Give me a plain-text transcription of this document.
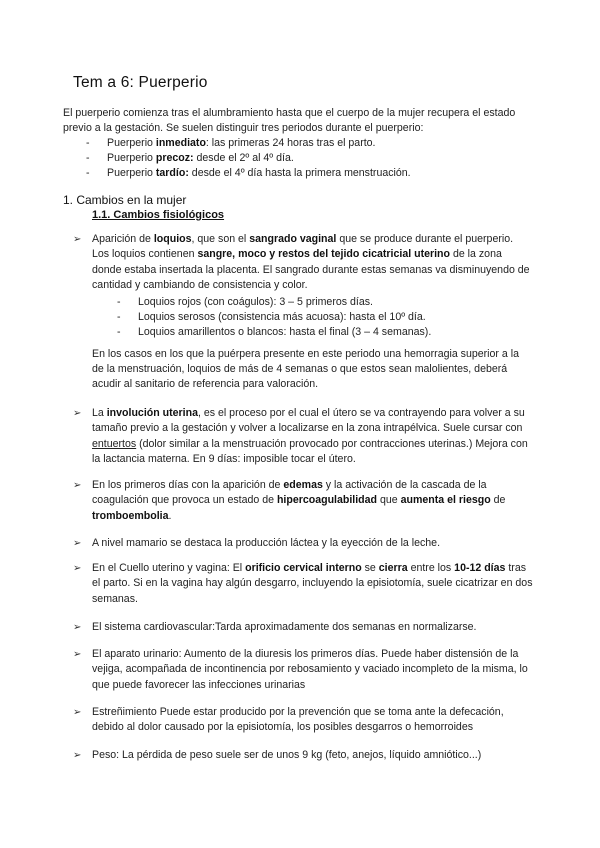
Tem a 6: Puerperio
El puerperio comienza tras el alumbramiento hasta que el cuerpo de la mujer recupera el estado previo a la gestación. Se suelen distinguir tres periodos durante el puerperio:
-	Puerperio inmediato: las primeras 24 horas tras el parto.
-	Puerperio precoz: desde el 2º al 4º día.
-	Puerperio tardío: desde el 4º día hasta la primera menstruación.
1. Cambios en la mujer
1.1. Cambios fisiológicos
➢	Aparición de loquios, que son el sangrado vaginal que se produce durante el puerperio. Los loquios contienen sangre, moco y restos del tejido cicatricial uterino de la zona donde estaba insertada la placenta. El sangrado durante estas semanas va disminuyendo de cantidad y cambiando de consistencia y color.
-	Loquios rojos (con coágulos): 3 – 5 primeros días.
-	Loquios serosos (consistencia más acuosa): hasta el 10º día.
-	Loquios amarillentos o blancos: hasta el final (3 – 4 semanas).
En los casos en los que la puérpera presente en este periodo una hemorragia superior a la de la menstruación, loquios de más de 4 semanas o que estos sean malolientes, deberá acudir al sanitario de referencia para valoración.
➢	La involución uterina, es el proceso por el cual el útero se va contrayendo para volver a su tamaño previo a la gestación y volver a localizarse en la zona intrapélvica. Suele cursar con entuertos (dolor similar a la menstruación provocado por contracciones uterinas.) Mejora con la lactancia materna. En 9 días: imposible tocar el útero.
➢	En los primeros días con la aparición de edemas y la activación de la cascada de la coagulación que provoca un estado de hipercoagulabilidad que aumenta el riesgo de tromboembolia.
➢	A nivel mamario se destaca la producción láctea y la eyección de la leche.
➢	En el Cuello uterino y vagina: El orificio cervical interno se cierra entre los 10-12 días tras el parto. Si en la vagina hay algún desgarro, incluyendo la episiotomía, suele cicatrizar en dos semanas.
➢	El sistema cardiovascular:Tarda aproximadamente dos semanas en normalizarse.
➢	El aparato urinario: Aumento de la diuresis los primeros días. Puede haber distensión de la vejiga, acompañada de incontinencia por rebosamiento y vaciado incompleto de la misma, lo que puede favorecer las infecciones urinarias
➢	Estreñimiento Puede estar producido por la prevención que se toma ante la defecación, debido al dolor causado por la episiotomía, los posibles desgarros o hemorroides
➢	Peso: La pérdida de peso suele ser de unos 9 kg (feto, anejos, líquido amniótico...)
